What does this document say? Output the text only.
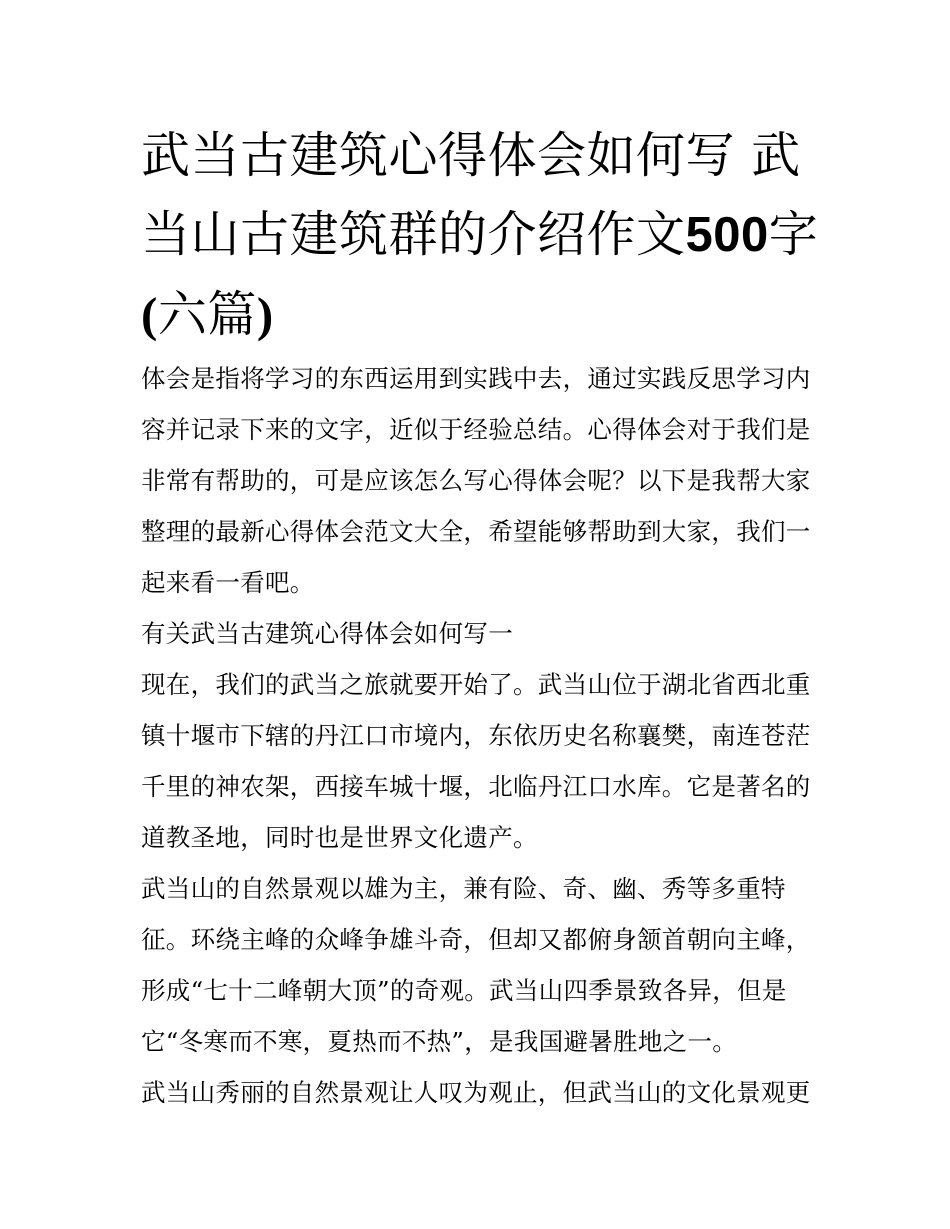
武当古建筑心得体会如何写 武当山古建筑群的介绍作文500字(六篇)

体会是指将学习的东西运用到实践中去，通过实践反思学习内容并记录下来的文字，近似于经验总结。心得体会对于我们是非常有帮助的，可是应该怎么写心得体会呢？以下是我帮大家整理的最新心得体会范文大全，希望能够帮助到大家，我们一起来看一看吧。

有关武当古建筑心得体会如何写一

现在，我们的武当之旅就要开始了。武当山位于湖北省西北重镇十堰市下辖的丹江口市境内，东依历史名称襄樊，南连苍茫千里的神农架，西接车城十堰，北临丹江口水库。它是著名的道教圣地，同时也是世界文化遗产。

武当山的自然景观以雄为主，兼有险、奇、幽、秀等多重特征。环绕主峰的众峰争雄斗奇，但却又都俯身颔首朝向主峰，形成“七十二峰朝大顶”的奇观。武当山四季景致各异，但是它“冬寒而不寒，夏热而不热”，是我国避暑胜地之一。

武当山秀丽的自然景观让人叹为观止，但武当山的文化景观更
